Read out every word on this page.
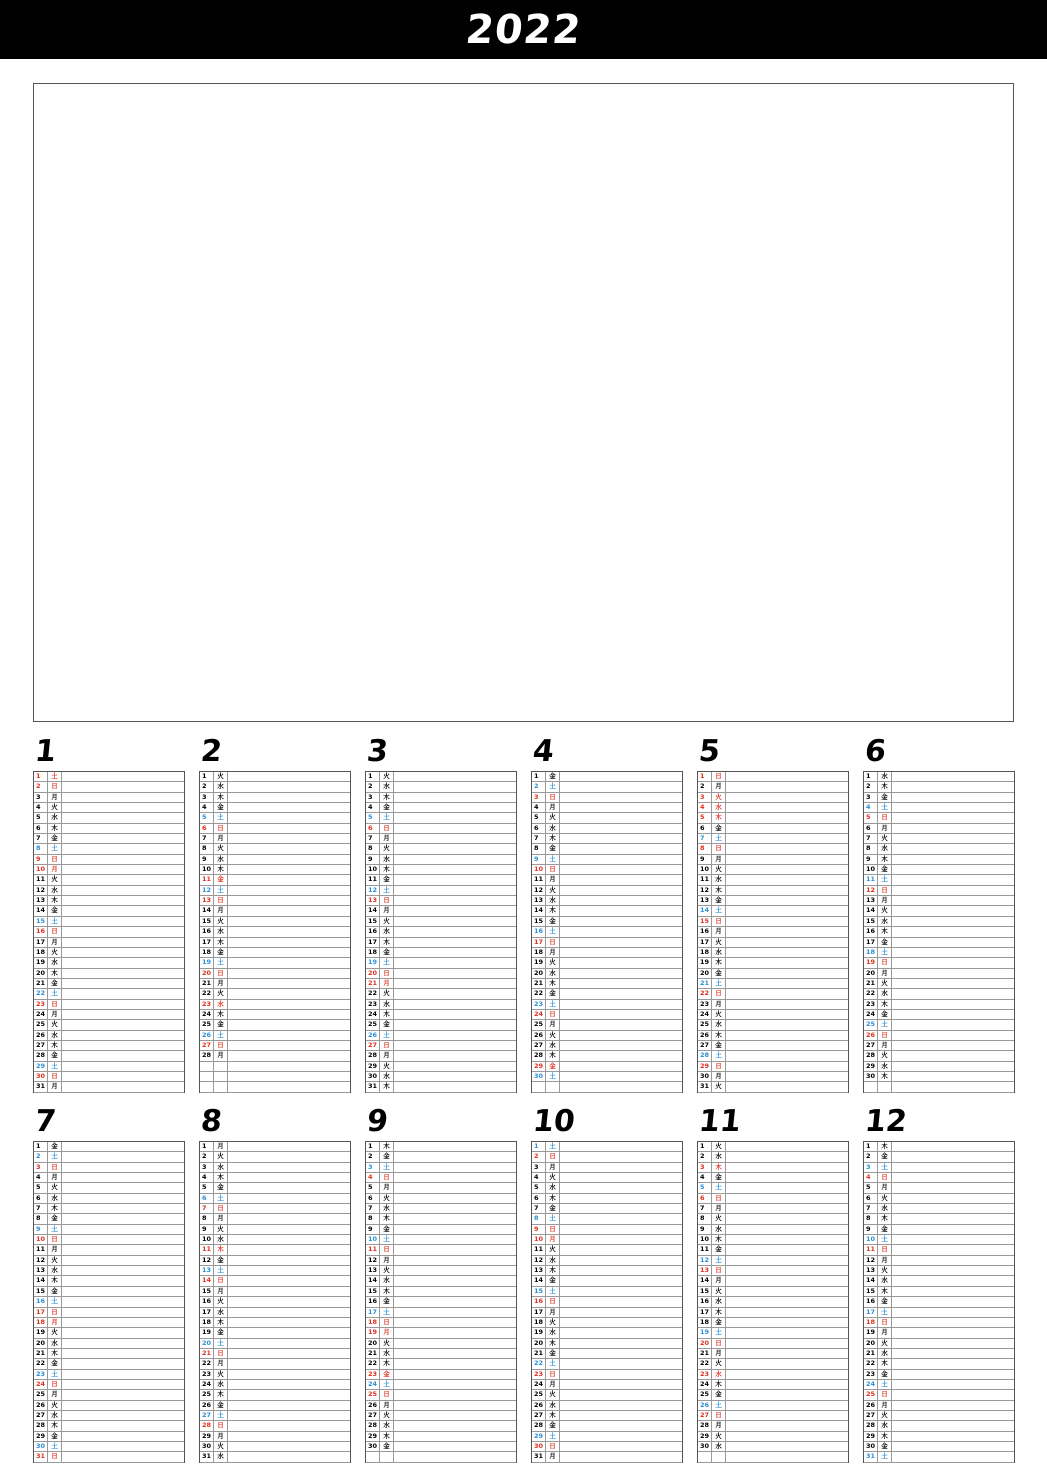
2022
1
1	土
2	日
3	月
4	火
5	水
6	木
7	金
8	土
9	日
10 月
11 火
12 水
13 木
14 金
15 土
16 日
17 月
18 火
19 水
20 木
21 金
22 土
23 日
24 月
25 火
26 水
27 木
28 金
29 土
30 日
31 月
2
1	火
2	水
3	木
4	金
5	土
6	日
7	月
8	火
9	水
10 木
11 金
12 土
13 日
14 月
15 火
16 水
17 木
18 金
19 土
20 日
21 月
22 火
23 水
24 木
25 金
26 土
27 日
28 月
3
1	火
2	水
3	木
4	金
5	土
6	日
7	月
8	火
9	水
10 木
11 金
12 土
13 日
14 月
15 火
16 水
17 木
18 金
19 土
20 日
21 月
22 火
23 水
24 木
25 金
26 土
27 日
28 月
29 火
30 水
31 木
4
1	金
2	土
3	日
4	月
5	火
6	水
7	木
8	金
9	土
10 日
11 月
12 火
13 水
14 木
15 金
16 土
17 日
18 月
19 火
20 水
21 木
22 金
23 土
24 日
25 月
26 火
27 水
28 木
29 金
30 土
5
1	日
2	月
3	火
4	水
5	木
6	金
7	土
8	日
9	月
10 火
11 水
12 木
13 金
14 土
15 日
16 月
17 火
18 水
19 木
20 金
21 土
22 日
23 月
24 火
25 水
26 木
27 金
28 土
29 日
30 月
31 火
6
1	水
2	木
3	金
4	土
5	日
6	月
7	火
8	水
9	木
10 金
11 土
12 日
13 月
14 火
15 水
16 木
17 金
18 土
19 日
20 月
21 火
22 水
23 木
24 金
25 土
26 日
27 月
28 火
29 水
30 木
7
1	金
2	土
3	日
4	月
5	火
6	水
7	木
8	金
9	土
10 日
11 月
12 火
13 水
14 木
15 金
16 土
17 日
18 月
19 火
20 水
21 木
22 金
23 土
24 日
25 月
26 火
27 水
28 木
29 金
30 土
31 日
8
1	月
2	火
3	水
4	木
5	金
6	土
7	日
8	月
9	火
10 水
11 木
12 金
13 土
14 日
15 月
16 火
17 水
18 木
19 金
20 土
21 日
22 月
23 火
24 水
25 木
26 金
27 土
28 日
29 月
30 火
31 水
9
1	木
2	金
3	土
4	日
5	月
6	火
7	水
8	木
9	金
10 土
11 日
12 月
13 火
14 水
15 木
16 金
17 土
18 日
19 月
20 火
21 水
22 木
23 金
24 土
25 日
26 月
27 火
28 水
29 木
30 金
10
1	土
2	日
3	月
4	火
5	水
6	木
7	金
8	土
9	日
10 月
11 火
12 水
13 木
14 金
15 土
16 日
17 月
18 火
19 水
20 木
21 金
22 土
23 日
24 月
25 火
26 水
27 木
28 金
29 土
30 日
31 月
11
1	火
2	水
3	木
4	金
5	土
6	日
7	月
8	火
9	水
10 木
11 金
12 土
13 日
14 月
15 火
16 水
17 木
18 金
19 土
20 日
21 月
22 火
23 水
24 木
25 金
26 土
27 日
28 月
29 火
30 水
12
1	木
2	金
3	土
4	日
5	月
6	火
7	水
8	木
9	金
10 土
11 日
12 月
13 火
14 水
15 木
16 金
17 土
18 日
19 月
20 火
21 水
22 木
23 金
24 土
25 日
26 月
27 火
28 水
29 木
30 金
31 土
